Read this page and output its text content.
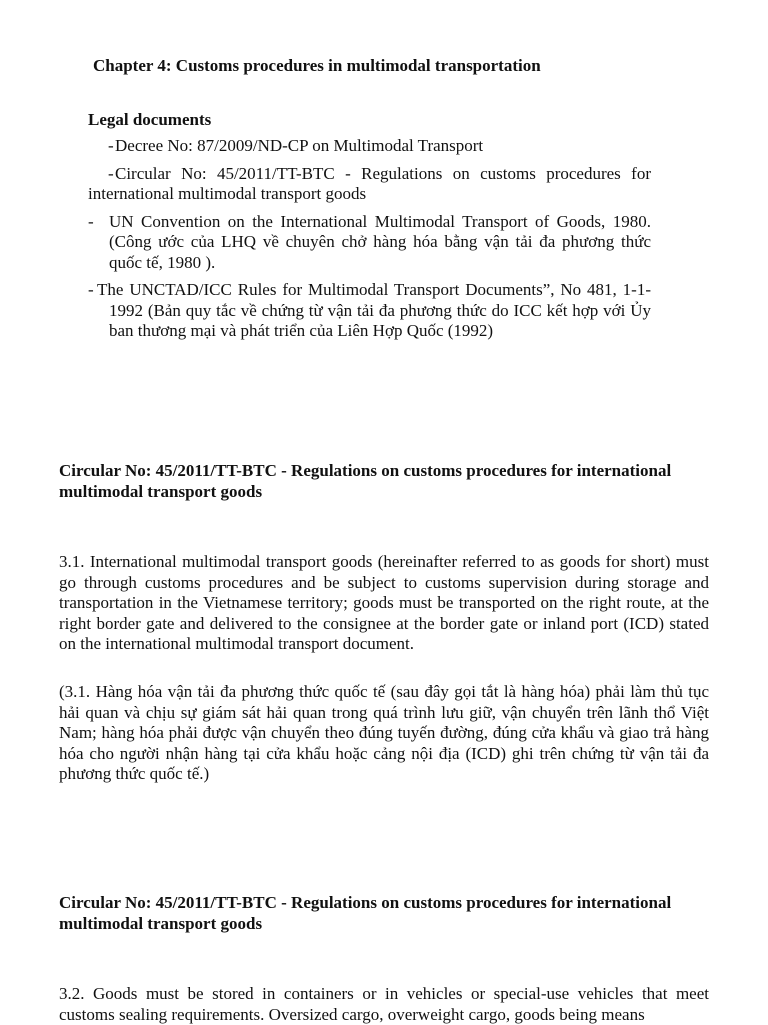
Chapter 4: Customs procedures in multimodal transportation
Legal documents
- Decree No: 87/2009/ND-CP on Multimodal Transport
- Circular No: 45/2011/TT-BTC - Regulations on customs procedures for international multimodal transport goods
- UN Convention on the International Multimodal Transport of Goods, 1980. (Công ước của LHQ về chuyên chở hàng hóa bằng vận tải đa phương thức quốc tế, 1980 ).
- The UNCTAD/ICC Rules for Multimodal Transport Documents”, No 481, 1-1-1992 (Bản quy tắc về chứng từ vận tải đa phương thức do ICC kết hợp với Ủy ban thương mại và phát triển của Liên Hợp Quốc (1992)
Circular No: 45/2011/TT-BTC - Regulations on customs procedures for international multimodal transport goods
3.1. International multimodal transport goods (hereinafter referred to as goods for short) must go through customs procedures and be subject to customs supervision during storage and transportation in the Vietnamese territory; goods must be transported on the right route, at the right border gate and delivered to the consignee at the border gate or inland port (ICD) stated on the international multimodal transport document.
(3.1. Hàng hóa vận tải đa phương thức quốc tế (sau đây gọi tắt là hàng hóa) phải làm thủ tục hải quan và chịu sự giám sát hải quan trong quá trình lưu giữ, vận chuyển trên lãnh thổ Việt Nam; hàng hóa phải được vận chuyển theo đúng tuyến đường, đúng cửa khẩu và giao trả hàng hóa cho người nhận hàng tại cửa khẩu hoặc cảng nội địa (ICD) ghi trên chứng từ vận tải đa phương thức quốc tế.)
Circular No: 45/2011/TT-BTC - Regulations on customs procedures for international multimodal transport goods
3.2. Goods must be stored in containers or in vehicles or special-use vehicles that meet customs sealing requirements. Oversized cargo, overweight cargo, goods being means
